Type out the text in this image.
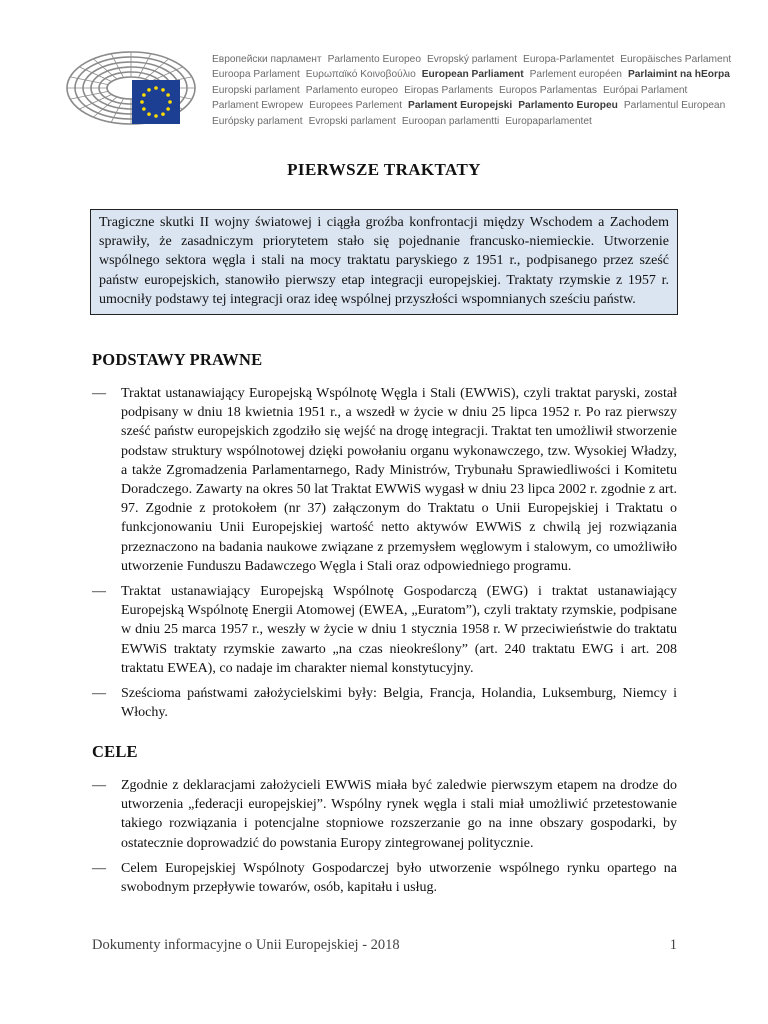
Европейски парламент Parlamento Europeo Evropský parlament Europa-Parlamentet Europäisches Parlament
Euroopa Parlament Ευρωπαϊκό Κοινοβούλιο European Parliament Parlement européen Parlaimint na hEorpa
Europski parlament Parlamento europeo Eiropas Parlaments Europos Parlamentas Európai Parlament
Parlament Ewropew Europees Parlement Parlament Europejski Parlamento Europeu Parlamentul European
Európsky parlament Evropski parlament Euroopan parlamentti Europaparlamentet
PIERWSZE TRAKTATY
Tragiczne skutki II wojny światowej i ciągła groźba konfrontacji między Wschodem a Zachodem sprawiły, że zasadniczym priorytetem stało się pojednanie francusko-niemieckie. Utworzenie wspólnego sektora węgla i stali na mocy traktatu paryskiego z 1951 r., podpisanego przez sześć państw europejskich, stanowiło pierwszy etap integracji europejskiej. Traktaty rzymskie z 1957 r. umocniły podstawy tej integracji oraz ideę wspólnej przyszłości wspomnianych sześciu państw.
PODSTAWY PRAWNE
— Traktat ustanawiający Europejską Wspólnotę Węgla i Stali (EWWiS), czyli traktat paryski, został podpisany w dniu 18 kwietnia 1951 r., a wszedł w życie w dniu 25 lipca 1952 r. Po raz pierwszy sześć państw europejskich zgodziło się wejść na drogę integracji. Traktat ten umożliwił stworzenie podstaw struktury wspólnotowej dzięki powołaniu organu wykonawczego, tzw. Wysokiej Władzy, a także Zgromadzenia Parlamentarnego, Rady Ministrów, Trybunału Sprawiedliwości i Komitetu Doradczego. Zawarty na okres 50 lat Traktat EWWiS wygasł w dniu 23 lipca 2002 r. zgodnie z art. 97. Zgodnie z protokołem (nr 37) załączonym do Traktatu o Unii Europejskiej i Traktatu o funkcjonowaniu Unii Europejskiej wartość netto aktywów EWWiS z chwilą jej rozwiązania przeznaczono na badania naukowe związane z przemysłem węglowym i stalowym, co umożliwiło utworzenie Funduszu Badawczego Węgla i Stali oraz odpowiedniego programu.
— Traktat ustanawiający Europejską Wspólnotę Gospodarczą (EWG) i traktat ustanawiający Europejską Wspólnotę Energii Atomowej (EWEA, „Euratom”), czyli traktaty rzymskie, podpisane w dniu 25 marca 1957 r., weszły w życie w dniu 1 stycznia 1958 r. W przeciwieństwie do traktatu EWWiS traktaty rzymskie zawarto „na czas nieokreślony” (art. 240 traktatu EWG i art. 208 traktatu EWEA), co nadaje im charakter niemal konstytucyjny.
— Sześcioma państwami założycielskimi były: Belgia, Francja, Holandia, Luksemburg, Niemcy i Włochy.
CELE
— Zgodnie z deklaracjami założycieli EWWiS miała być zaledwie pierwszym etapem na drodze do utworzenia „federacji europejskiej”. Wspólny rynek węgla i stali miał umożliwić przetestowanie takiego rozwiązania i potencjalne stopniowe rozszerzanie go na inne obszary gospodarki, by ostatecznie doprowadzić do powstania Europy zintegrowanej politycznie.
— Celem Europejskiej Wspólnoty Gospodarczej było utworzenie wspólnego rynku opartego na swobodnym przepływie towarów, osób, kapitału i usług.
Dokumenty informacyjne o Unii Europejskiej - 2018	1
